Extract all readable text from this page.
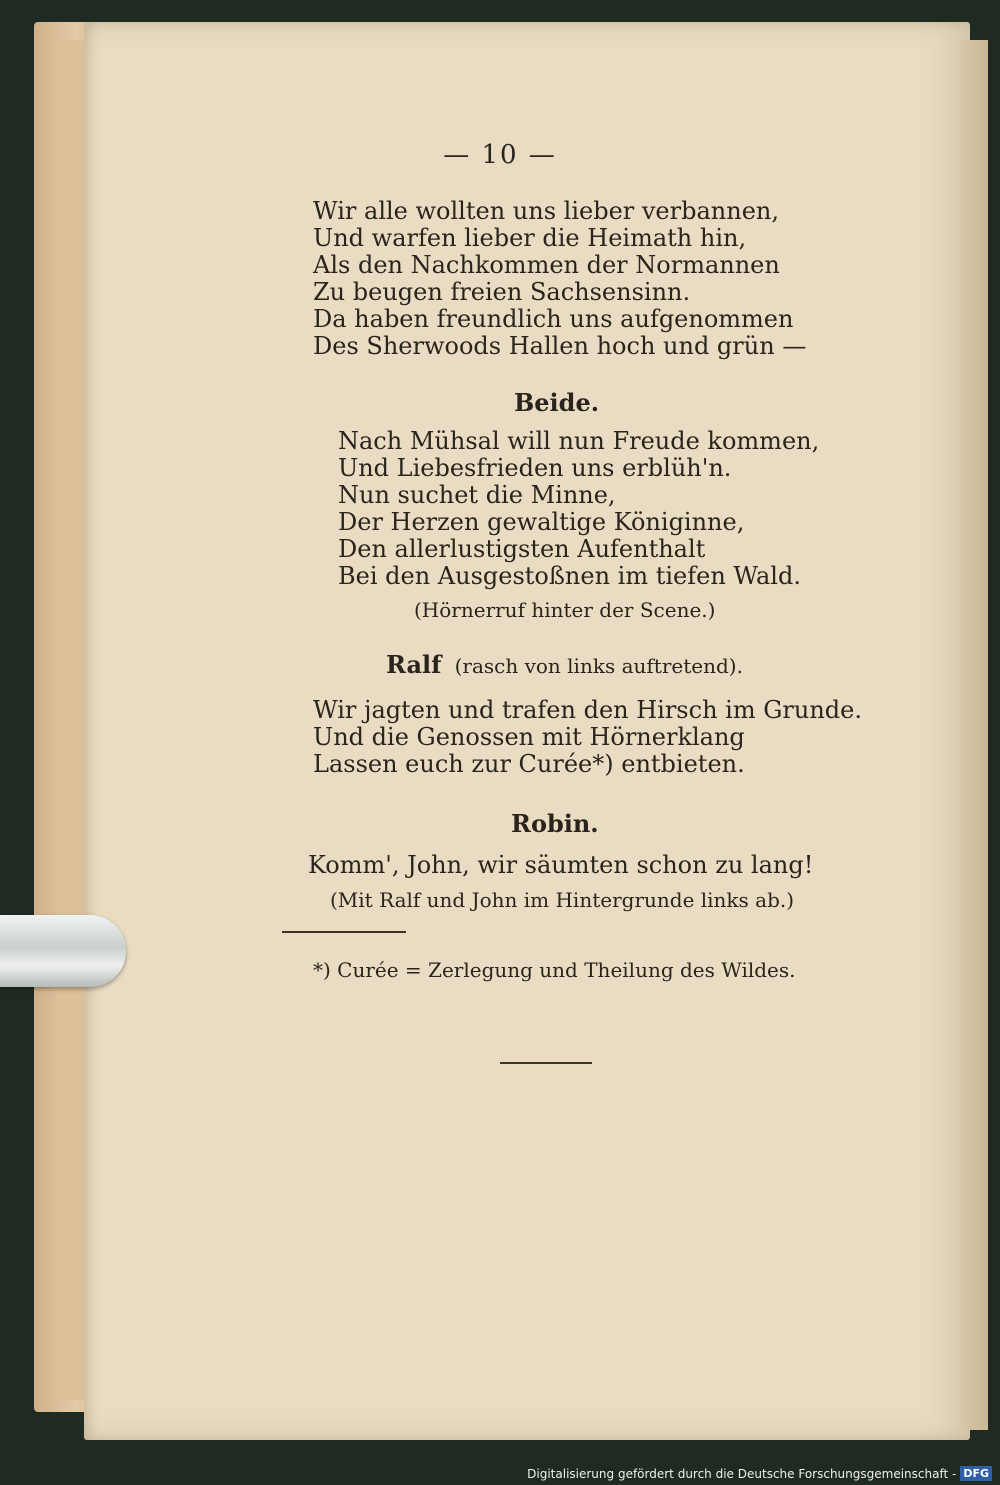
— 10 —
Wir alle wollten uns lieber verbannen,
Und warfen lieber die Heimath hin,
Als den Nachkommen der Normannen
Zu beugen freien Sachsensinn.
Da haben freundlich uns aufgenommen
Des Sherwoods Hallen hoch und grün —
Beide.
Nach Mühsal will nun Freude kommen,
Und Liebesfrieden uns erblüh'n.
Nun suchet die Minne,
Der Herzen gewaltige Königinne,
Den allerlustigsten Aufenthalt
Bei den Ausgestoßnen im tiefen Wald.
(Hörnerruf hinter der Scene.)
Ralf (rasch von links auftretend).
Wir jagten und trafen den Hirsch im Grunde.
Und die Genossen mit Hörnerklang
Lassen euch zur Curée*) entbieten.
Robin.
Komm', John, wir säumten schon zu lang!
(Mit Ralf und John im Hintergrunde links ab.)
*) Curée = Zerlegung und Theilung des Wildes.
Digitalisierung gefördert durch die Deutsche Forschungsgemeinschaft - DFG
